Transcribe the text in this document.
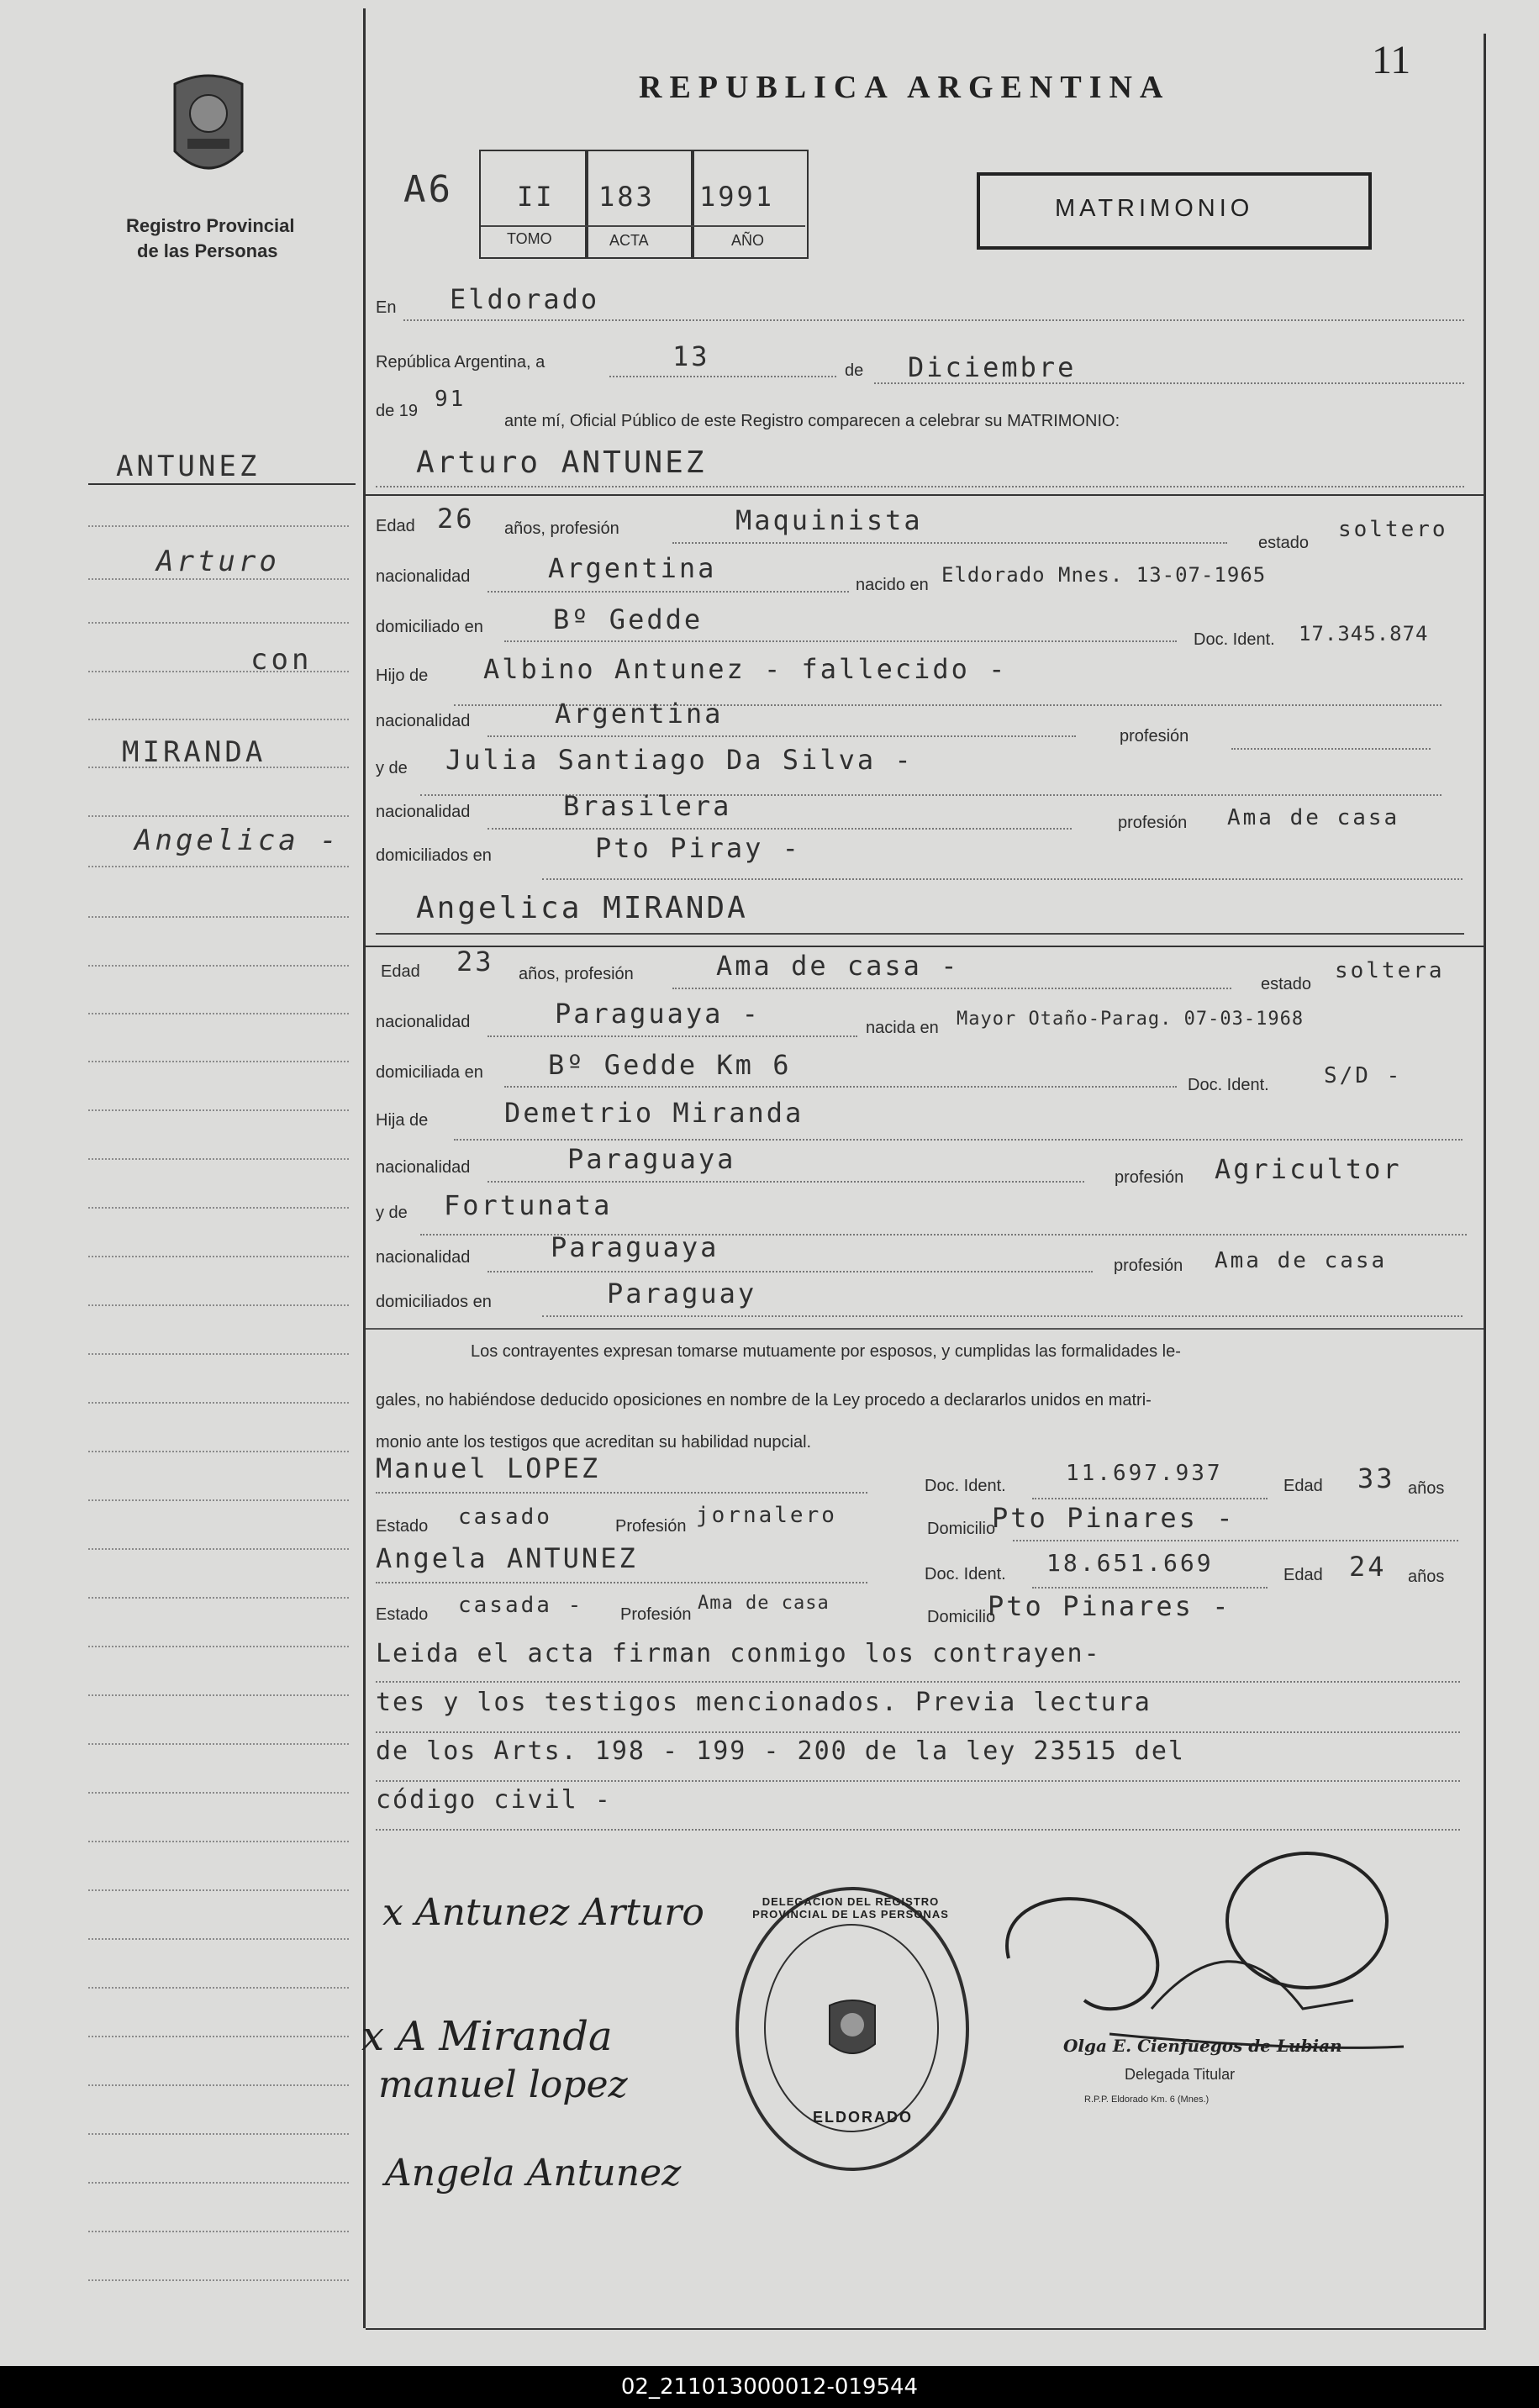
Registro Provincial
de las Personas
REPUBLICA ARGENTINA
11
A6 II 183 1991
TOMO	ACTA	AÑO
MATRIMONIO
ANTUNEZ
Arturo
con
MIRANDA
Angelica -
En Eldorado
República Argentina, a	13	de Diciembre
de 19 91
ante mí, Oficial Público de este Registro comparecen a celebrar su MATRIMONIO:
Arturo ANTUNEZ
Edad 26 años, profesión	Maquinista
estado
soltero
nacionalidad	Argentina
nacido en Eldorado Mnes. 13-07-1965
domiciliado en	Bº Gedde
Doc. Ident. 17.345.874
Hijo de Albino Antunez - fallecido -
nacionalidad	Argentina
profesión
y de Julia Santiago Da Silva -
nacionalidad	Brasilera
profesión Ama de casa
domiciliados en	Pto Piray -
Angelica MIRANDA
Edad 23 años, profesión	Ama de casa -
estado
soltera
nacionalidad	Paraguaya -	nacida en Mayor Otaño-Parag. 07-03-1968
domiciliada en Bº Gedde Km 6
Doc. Ident.	S/D -
Hija de	Demetrio Miranda
nacionalidad	Paraguaya
profesión Agricultor
y de Fortunata
nacionalidad	Paraguaya
profesión Ama de casa
domiciliados en	Paraguay
Los contrayentes expresan tomarse mutuamente por esposos, y cumplidas las formalidades le-
gales, no habiéndose deducido oposiciones en nombre de la Ley procedo a declararlos unidos en matri-
monio ante los testigos que acreditan su habilidad nupcial.
Manuel LOPEZ
Doc. Ident.	11.697.937	Edad 33 años
Estado casado	Profesión jornalero
Domicilio
Pto Pinares -
Angela ANTUNEZ	Doc. Ident. 18.651.669	Edad 24 años
Estado casada - Profesión
Ama de casa
Domicilio
Pto Pinares -
Leida el acta firman conmigo los contrayen-
tes y los testigos mencionados. Previa lectura
de los Arts. 198 - 199 - 200 de la ley 23515 del
código civil -
x Antunez Arturo
x A Miranda
manuel lopez
Angela Antunez
DELEGACION DEL REGISTRO PROVINCIAL DE LAS PERSONAS
ELDORADO
Olga E. Cienfuegos de Lubian
Delegada Titular
R.P.P. Eldorado Km. 6 (Mnes.)
02_211013000012-019544
